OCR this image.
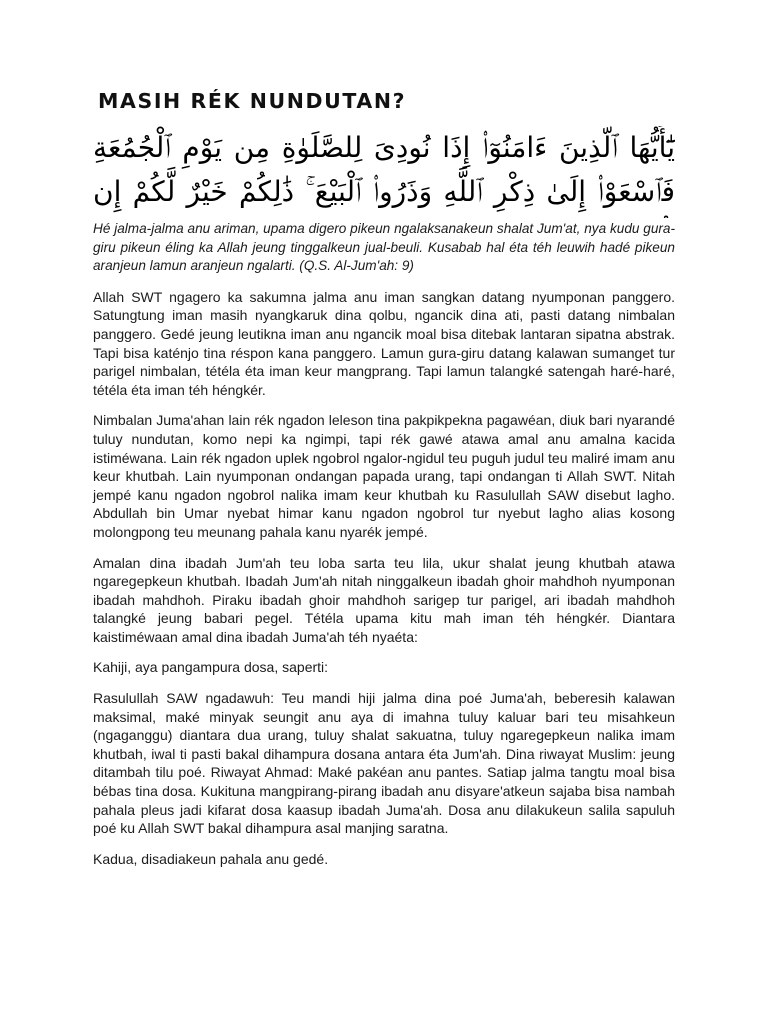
MASIH RÉK NUNDUTAN?
يَٰٓأَيُّهَا ٱلَّذِينَ ءَامَنُوٓا۟ إِذَا نُودِىَ لِلصَّلَوٰةِ مِن يَوْمِ ٱلْجُمُعَةِ فَٱسْعَوْا۟ إِلَىٰ ذِكْرِ ٱللَّهِ وَذَرُوا۟ ٱلْبَيْعَ ۚ ذَٰلِكُمْ خَيْرٌ لَّكُمْ إِن

Hé jalma-jalma anu ariman, upama digero pikeun ngalaksanakeun shalat Jum'at, nya kudu gura-giru pikeun éling ka Allah jeung tinggalkeun jual-beuli. Kusabab hal éta téh leuwih hadé pikeun aranjeun lamun aranjeun ngalarti. (Q.S. Al-Jum'ah: 9)

Allah SWT ngagero ka sakumna jalma anu iman sangkan datang nyumponan panggero. Satungtung iman masih nyangkaruk dina qolbu, ngancik dina ati, pasti datang nimbalan panggero. Gedé jeung leutikna iman anu ngancik moal bisa ditebak lantaran sipatna abstrak. Tapi bisa katénjo tina réspon kana panggero. Lamun gura-giru datang kalawan sumanget tur parigel nimbalan, tétéla éta iman keur mangprang. Tapi lamun talangké satengah haré-haré, tétéla éta iman téh héngkér.

Nimbalan Juma'ahan lain rék ngadon leleson tina pakpikpekna pagawéan, diuk bari nyarandé tuluy nundutan, komo nepi ka ngimpi, tapi rék gawé atawa amal anu amalna kacida istiméwana. Lain rék ngadon uplek ngobrol ngalor-ngidul teu puguh judul teu maliré imam anu keur khutbah. Lain nyumponan ondangan papada urang, tapi ondangan ti Allah SWT. Nitah jempé kanu ngadon ngobrol nalika imam keur khutbah ku Rasulullah SAW disebut lagho. Abdullah bin Umar nyebat himar kanu ngadon ngobrol tur nyebut lagho alias kosong molongpong teu meunang pahala kanu nyarék jempé.

Amalan dina ibadah Jum'ah teu loba sarta teu lila, ukur shalat jeung khutbah atawa ngaregepkeun khutbah. Ibadah Jum'ah nitah ninggalkeun ibadah ghoir mahdhoh nyumponan ibadah mahdhoh. Piraku ibadah ghoir mahdhoh sarigep tur parigel, ari ibadah mahdhoh talangké jeung babari pegel. Tétéla upama kitu mah iman téh héngkér. Diantara kaistiméwaan amal dina ibadah Juma'ah téh nyaéta:

Kahiji, aya pangampura dosa, saperti:

Rasulullah SAW ngadawuh: Teu mandi hiji jalma dina poé Juma'ah, beberesih kalawan maksimal, maké minyak seungit anu aya di imahna tuluy kaluar bari teu misahkeun (ngaganggu) diantara dua urang, tuluy shalat sakuatna, tuluy ngaregepkeun nalika imam khutbah, iwal ti pasti bakal dihampura dosana antara éta Jum'ah. Dina riwayat Muslim: jeung ditambah tilu poé. Riwayat Ahmad: Maké pakéan anu pantes. Satiap jalma tangtu moal bisa bébas tina dosa. Kukituna mangpirang-pirang ibadah anu disyare'atkeun sajaba bisa nambah pahala pleus jadi kifarat dosa kaasup ibadah Juma'ah. Dosa anu dilakukeun salila sapuluh poé ku Allah SWT bakal dihampura asal manjing saratna.

Kadua, disadiakeun pahala anu gedé.
